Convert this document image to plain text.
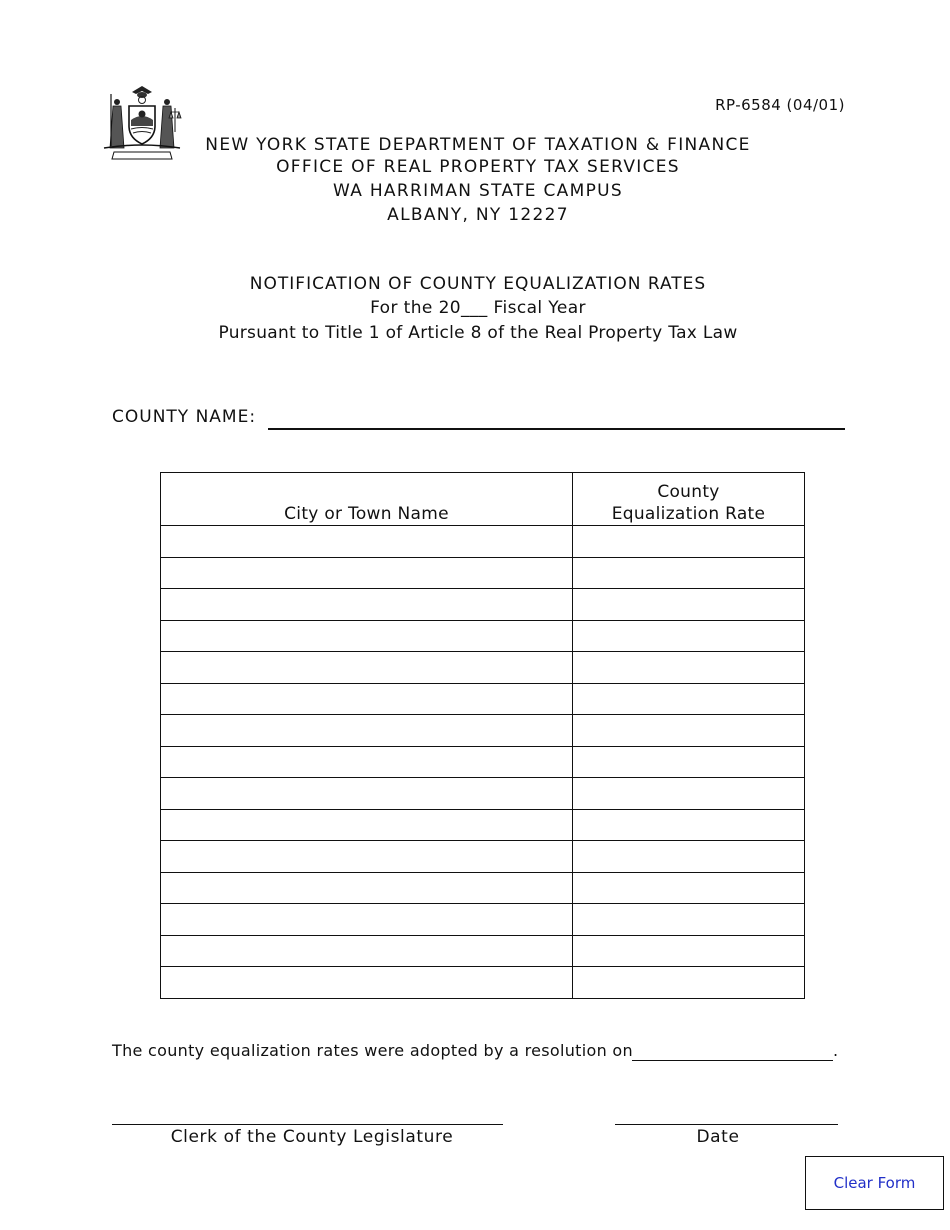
RP-6584 (04/01)
NEW YORK STATE DEPARTMENT OF TAXATION & FINANCE
OFFICE OF REAL PROPERTY TAX SERVICES
WA HARRIMAN STATE CAMPUS
ALBANY, NY 12227
NOTIFICATION OF COUNTY EQUALIZATION RATES
For the 20___ Fiscal Year
Pursuant to Title 1 of Article 8 of the Real Property Tax Law
COUNTY NAME:
City or Town Name	County
Equalization Rate

The county equalization rates were adopted by a resolution on	.
Clerk of the County Legislature	Date
Clear Form
